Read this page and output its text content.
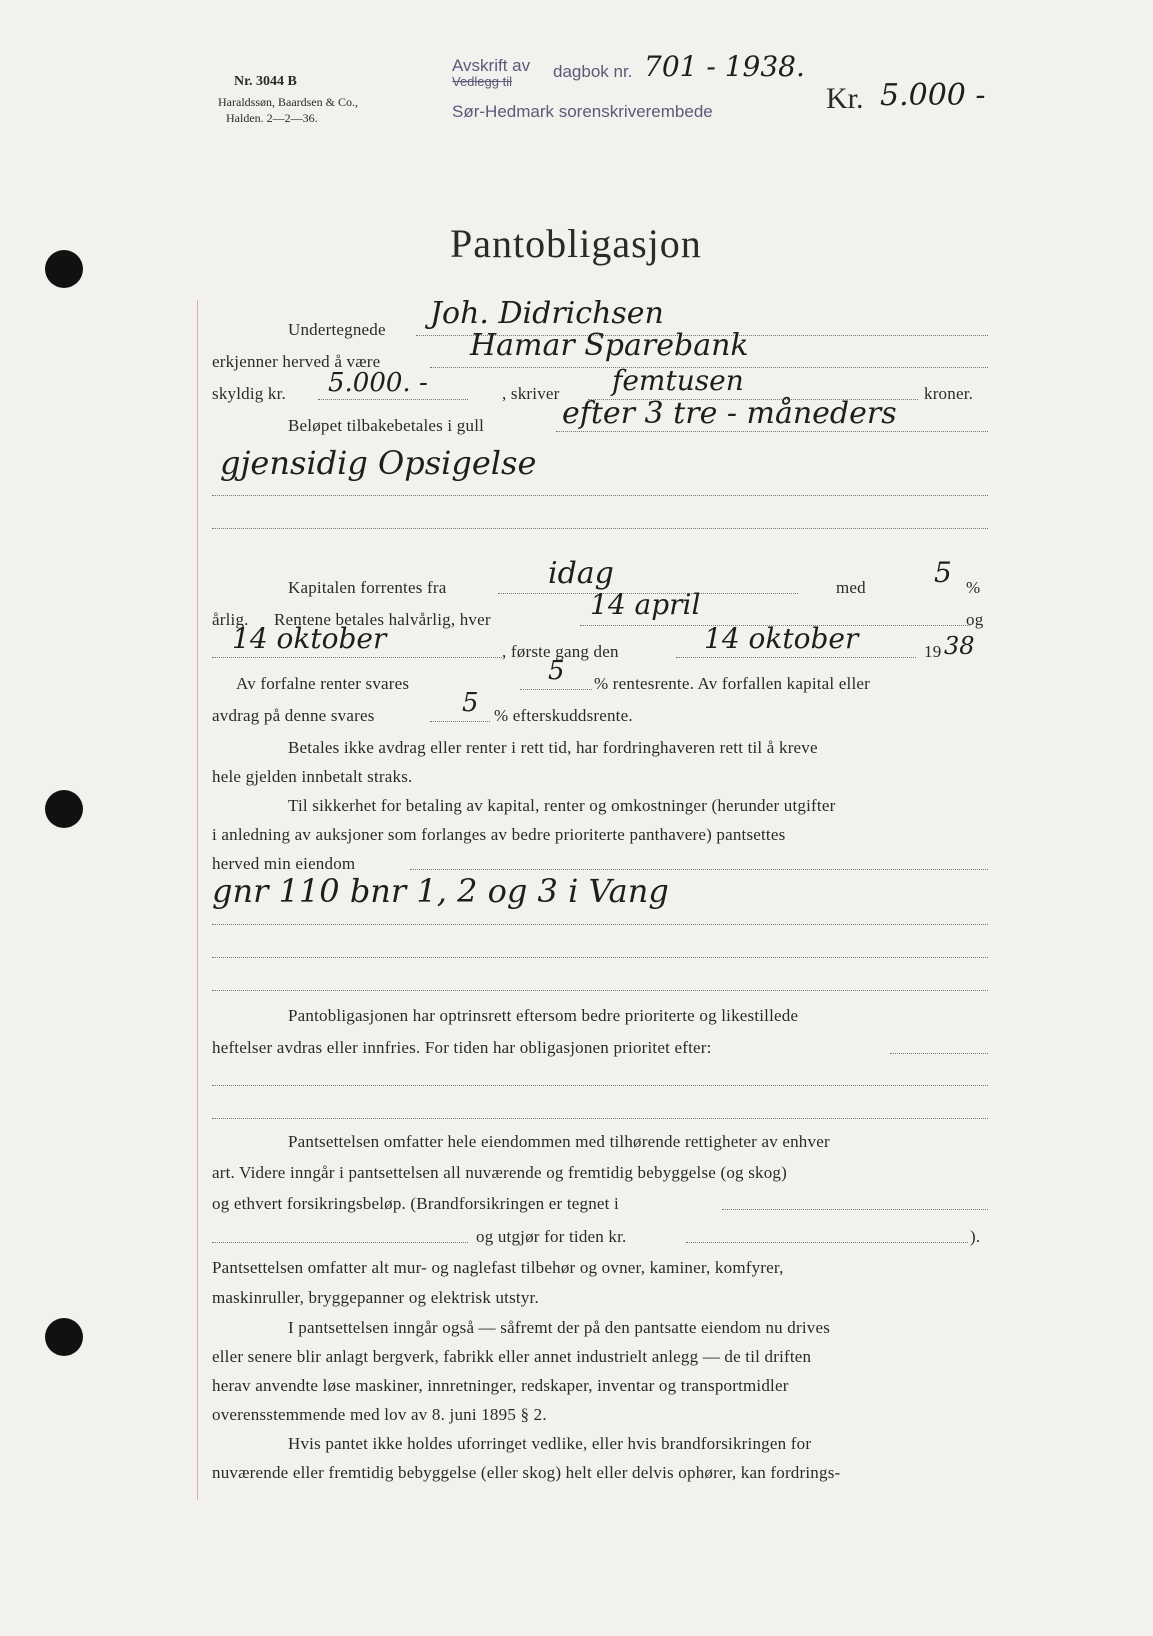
Nr. 3044 B
Haraldssøn, Baardsen & Co.,
Halden. 2—2—36.
Avskrift av
Vedlegg til
dagbok nr. 701 - 1938.
Sør-Hedmark sorenskriverembede	Kr. 5.000 -
Pantobligasjon
Undertegnede Joh. Didrichsen
erkjenner herved å være	Hamar Sparebank
skyldig kr. 5.000. -	, skriver femtusen	kroner.
Beløpet tilbakebetales i gull	efter 3 tre - måneders
gjensidig Opsigelse
Kapitalen forrentes fra	idag	med 5 %
årlig. Rentene betales halvårlig, hver	14 april	og
14 oktober	, første gang den	14 oktober	19 38
Av forfalne renter svares	5 % rentesrente. Av forfallen kapital eller
avdrag på denne svares	5 % efterskuddsrente.
Betales ikke avdrag eller renter i rett tid, har fordringhaveren rett til å kreve
hele gjelden innbetalt straks.
Til sikkerhet for betaling av kapital, renter og omkostninger (herunder utgifter
i anledning av auksjoner som forlanges av bedre prioriterte panthavere) pantsettes
herved min eiendom
gnr 110 bnr 1, 2 og 3 i Vang
Pantobligasjonen har optrinsrett eftersom bedre prioriterte og likestillede
heftelser avdras eller innfries. For tiden har obligasjonen prioritet efter:
Pantsettelsen omfatter hele eiendommen med tilhørende rettigheter av enhver
art. Videre inngår i pantsettelsen all nuværende og fremtidig bebyggelse (og skog)
og ethvert forsikringsbeløp. (Brandforsikringen er tegnet i
og utgjør for tiden kr.	).
Pantsettelsen omfatter alt mur- og naglefast tilbehør og ovner, kaminer, komfyrer,
maskinruller, bryggepanner og elektrisk utstyr.
I pantsettelsen inngår også — såfremt der på den pantsatte eiendom nu drives
eller senere blir anlagt bergverk, fabrikk eller annet industrielt anlegg — de til driften
herav anvendte løse maskiner, innretninger, redskaper, inventar og transportmidler
overensstemmende med lov av 8. juni 1895 § 2.
Hvis pantet ikke holdes uforringet vedlike, eller hvis brandforsikringen for
nuværende eller fremtidig bebyggelse (eller skog) helt eller delvis ophører, kan fordrings-
